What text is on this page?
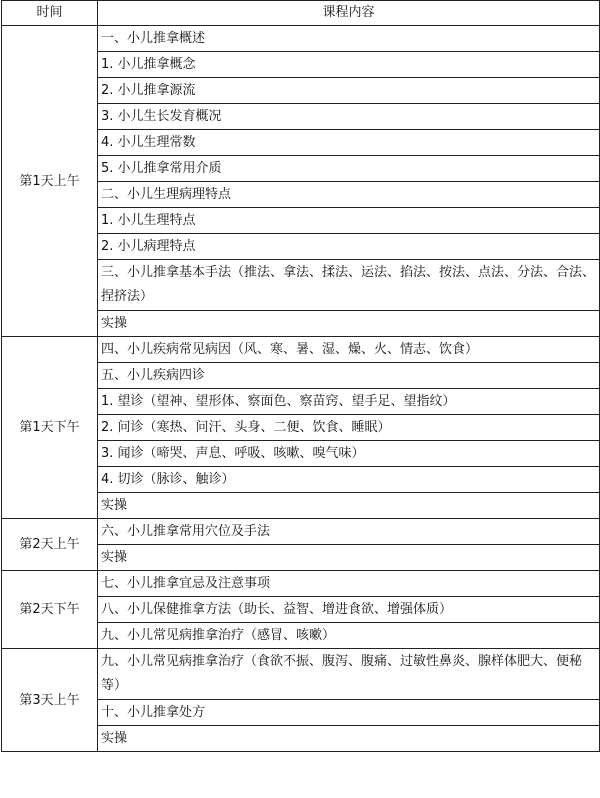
时间	课程内容
第1天上午	一、小儿推拿概述
	1. 小儿推拿概念
	2. 小儿推拿源流
	3. 小儿生长发育概况
	4. 小儿生理常数
	5. 小儿推拿常用介质
	二、小儿生理病理特点
	1. 小儿生理特点
	2. 小儿病理特点
	三、小儿推拿基本手法（推法、拿法、揉法、运法、掐法、按法、点法、分法、合法、捏挤法）
	实操
第1天下午	四、小儿疾病常见病因（风、寒、暑、湿、燥、火、情志、饮食）
	五、小儿疾病四诊
	1. 望诊（望神、望形体、察面色、察苗窍、望手足、望指纹）
	2. 问诊（寒热、问汗、头身、二便、饮食、睡眠）
	3. 闻诊（啼哭、声息、呼吸、咳嗽、嗅气味）
	4. 切诊（脉诊、触诊）
	实操
第2天上午	六、小儿推拿常用穴位及手法
	实操
第2天下午	七、小儿推拿宜忌及注意事项
	八、小儿保健推拿方法（助长、益智、增进食欲、增强体质）
	九、小儿常见病推拿治疗（感冒、咳嗽）
第3天上午	九、小儿常见病推拿治疗（食欲不振、腹泻、腹痛、过敏性鼻炎、腺样体肥大、便秘等）
	十、小儿推拿处方
	实操
